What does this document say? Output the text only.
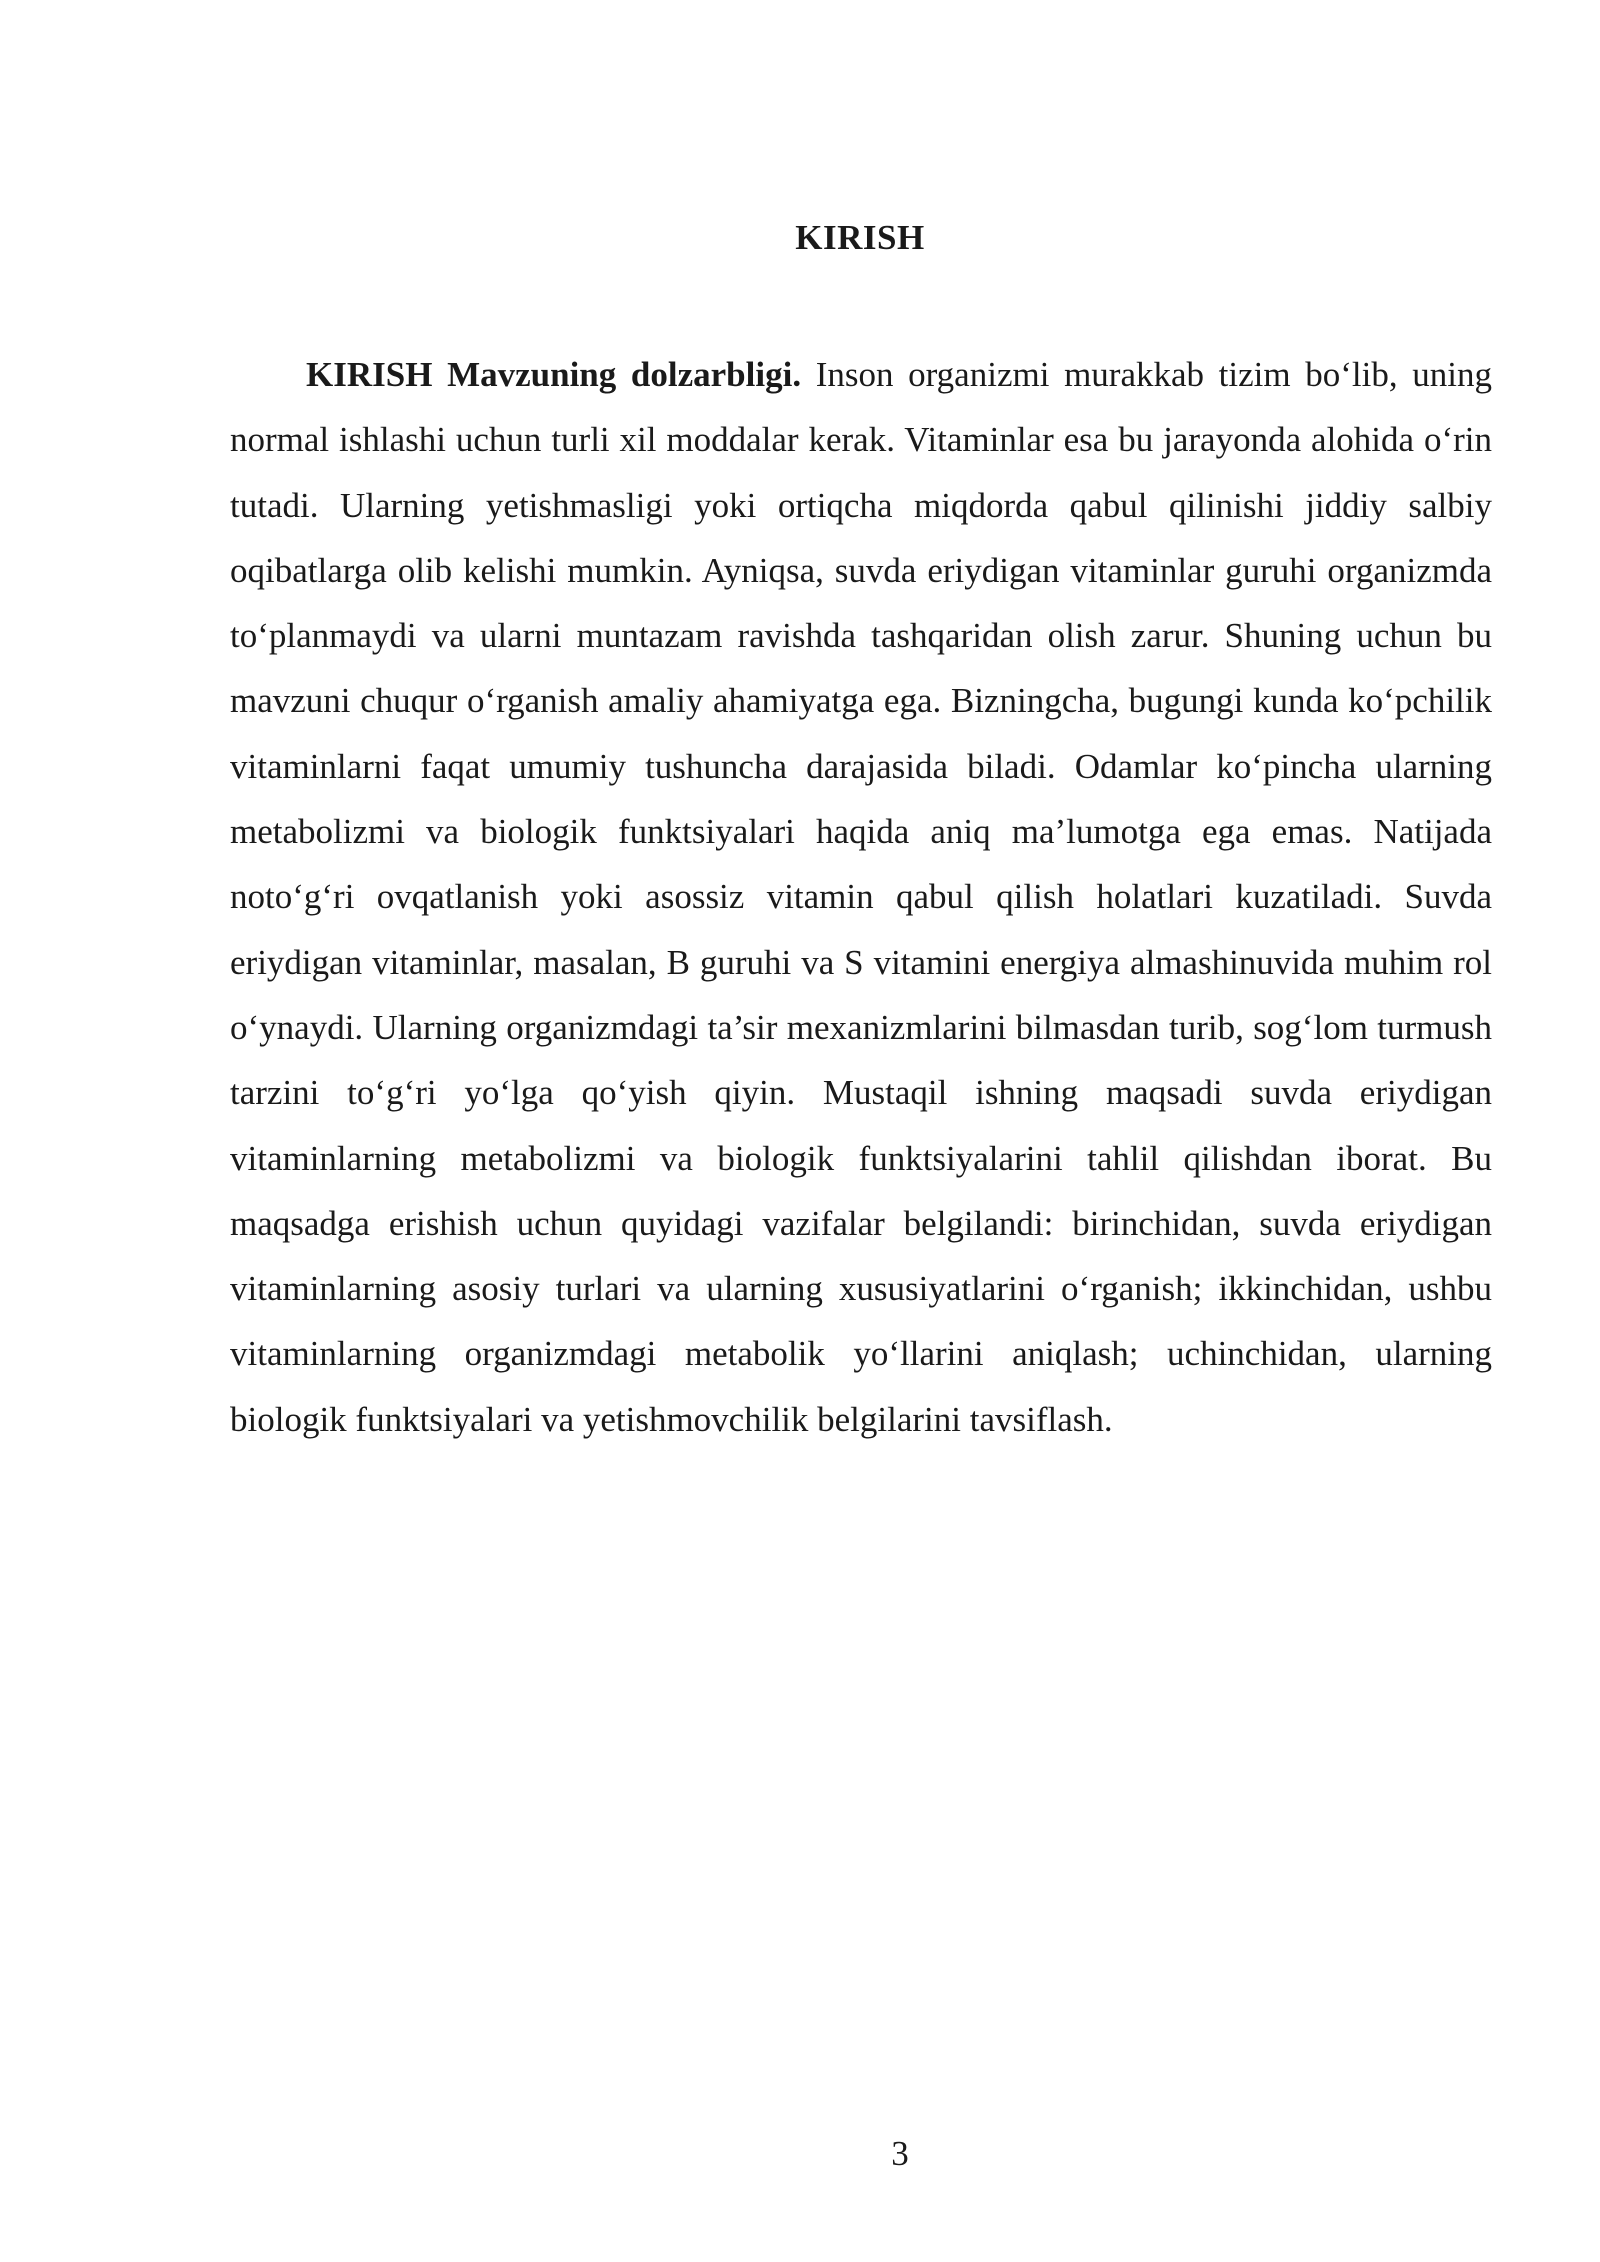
KIRISH

KIRISH Mavzuning dolzarbligi. Inson organizmi murakkab tizim bo‘lib, uning normal ishlashi uchun turli xil moddalar kerak. Vitaminlar esa bu jarayonda alohida o‘rin tutadi. Ularning yetishmasligi yoki ortiqcha miqdorda qabul qilinishi jiddiy salbiy oqibatlarga olib kelishi mumkin. Ayniqsa, suvda eriydigan vitaminlar guruhi organizmda to‘planmaydi va ularni muntazam ravishda tashqaridan olish zarur. Shuning uchun bu mavzuni chuqur o‘rganish amaliy ahamiyatga ega. Bizningcha, bugungi kunda ko‘pchilik vitaminlarni faqat umumiy tushuncha darajasida biladi. Odamlar ko‘pincha ularning metabolizmi va biologik funktsiyalari haqida aniq ma’lumotga ega emas. Natijada noto‘g‘ri ovqatlanish yoki asossiz vitamin qabul qilish holatlari kuzatiladi. Suvda eriydigan vitaminlar, masalan, B guruhi va S vitamini energiya almashinuvida muhim rol o‘ynaydi. Ularning organizmdagi ta’sir mexanizmlarini bilmasdan turib, sog‘lom turmush tarzini to‘g‘ri yo‘lga qo‘yish qiyin. Mustaqil ishning maqsadi suvda eriydigan vitaminlarning metabolizmi va biologik funktsiyalarini tahlil qilishdan iborat. Bu maqsadga erishish uchun quyidagi vazifalar belgilandi: birinchidan, suvda eriydigan vitaminlarning asosiy turlari va ularning xususiyatlarini o‘rganish; ikkinchidan, ushbu vitaminlarning organizmdagi metabolik yo‘llarini aniqlash; uchinchidan, ularning biologik funktsiyalari va yetishmovchilik belgilarini tavsiflash.

3
